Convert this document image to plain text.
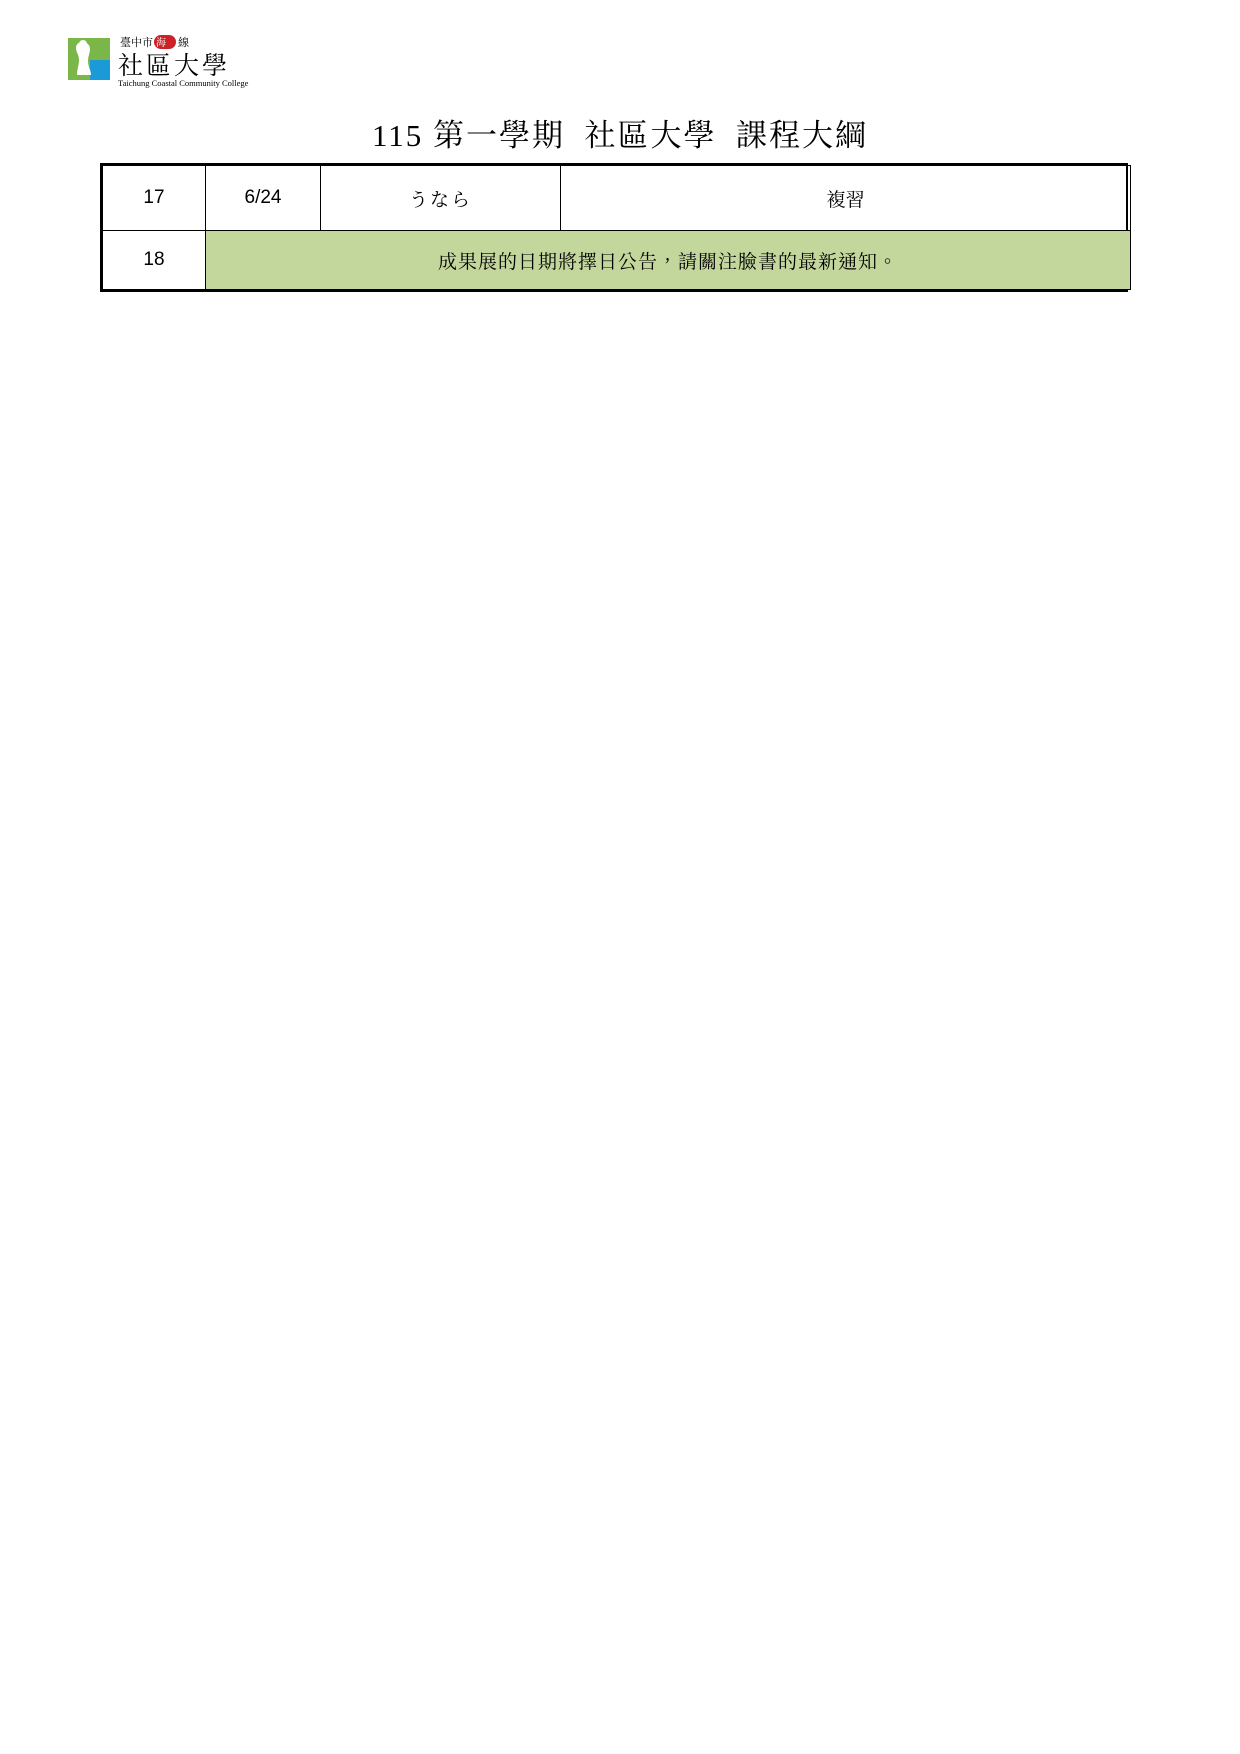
臺中市 海 線
社區大學
Taichung Coastal Community College
115 第一學期  社區大學  課程大綱
17	6/24	うなら	複習
18	成果展的日期將擇日公告，請關注臉書的最新通知。		
